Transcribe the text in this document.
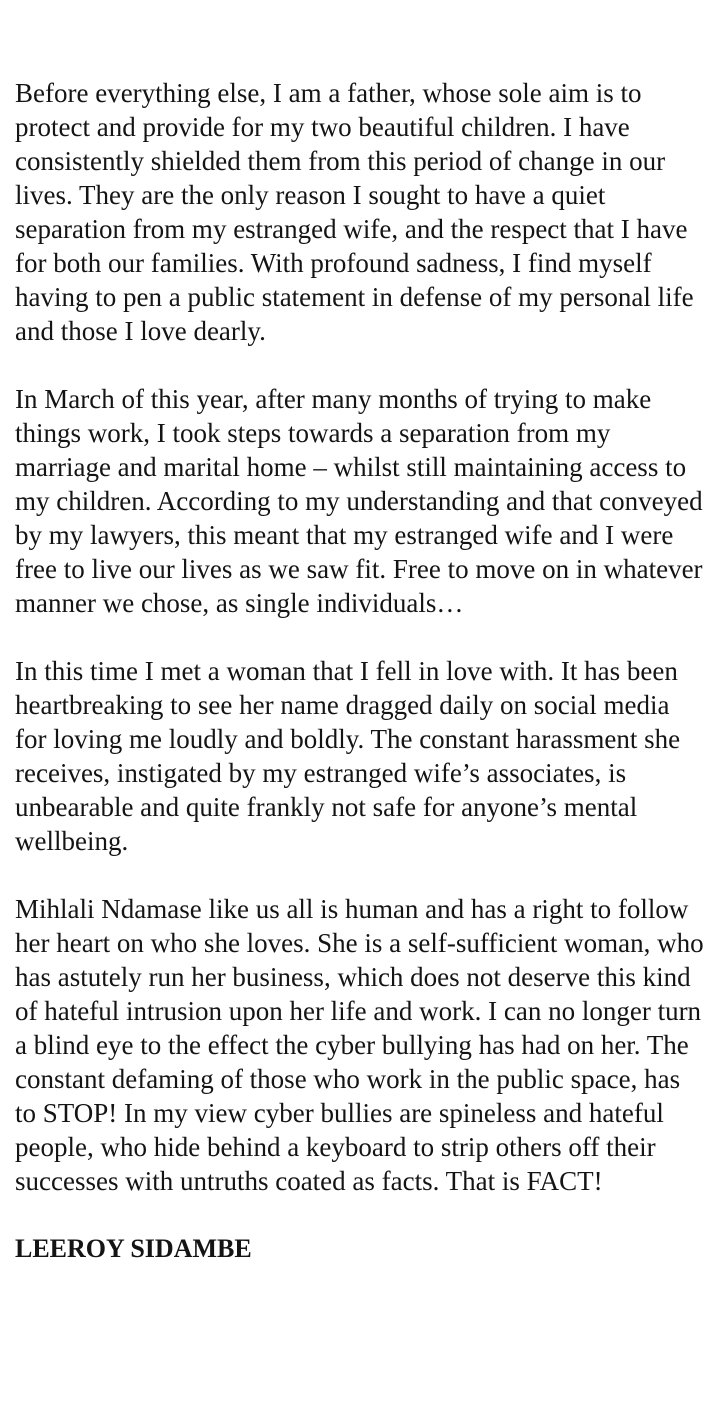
Before everything else, I am a father, whose sole aim is to protect and provide for my two beautiful children. I have consistently shielded them from this period of change in our lives. They are the only reason I sought to have a quiet separation from my estranged wife, and the respect that I have for both our families. With profound sadness, I find myself having to pen a public statement in defense of my personal life and those I love dearly.

In March of this year, after many months of trying to make things work, I took steps towards a separation from my marriage and marital home – whilst still maintaining access to my children. According to my understanding and that conveyed by my lawyers, this meant that my estranged wife and I were free to live our lives as we saw fit. Free to move on in whatever manner we chose, as single individuals…

In this time I met a woman that I fell in love with. It has been heartbreaking to see her name dragged daily on social media for loving me loudly and boldly. The constant harassment she receives, instigated by my estranged wife’s associates, is unbearable and quite frankly not safe for anyone’s mental wellbeing.

Mihlali Ndamase like us all is human and has a right to follow her heart on who she loves. She is a self-sufficient woman, who has astutely run her business, which does not deserve this kind of hateful intrusion upon her life and work. I can no longer turn a blind eye to the effect the cyber bullying has had on her. The constant defaming of those who work in the public space, has to STOP! In my view cyber bullies are spineless and hateful people, who hide behind a keyboard to strip others off their successes with untruths coated as facts. That is FACT!

LEEROY SIDAMBE
